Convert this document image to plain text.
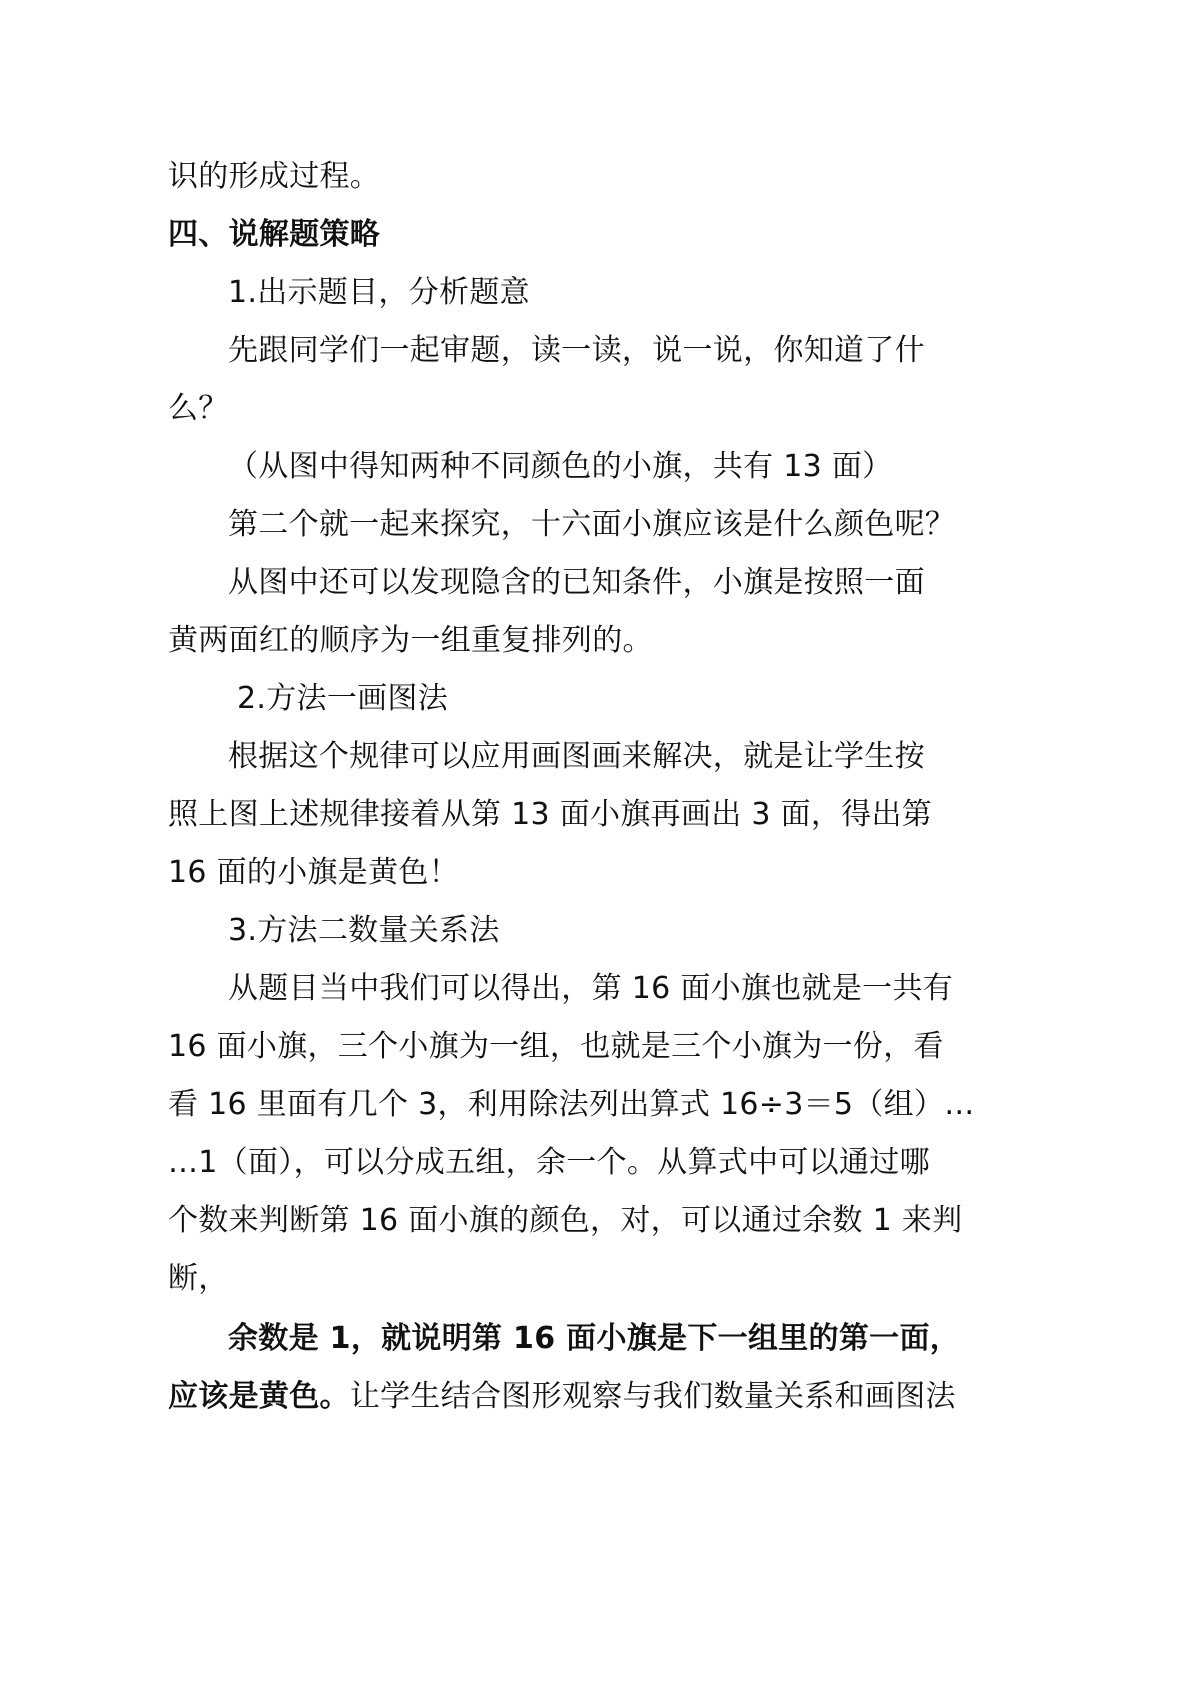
识的形成过程。
四、说解题策略
1.出示题目，分析题意
先跟同学们一起审题，读一读，说一说，你知道了什
么？
（从图中得知两种不同颜色的小旗，共有 13 面）
第二个就一起来探究，十六面小旗应该是什么颜色呢？
从图中还可以发现隐含的已知条件，小旗是按照一面
黄两面红的顺序为一组重复排列的。
2.方法一画图法
根据这个规律可以应用画图画来解决，就是让学生按
照上图上述规律接着从第 13 面小旗再画出 3 面，得出第
16 面的小旗是黄色！
3.方法二数量关系法
从题目当中我们可以得出，第 16 面小旗也就是一共有
16 面小旗，三个小旗为一组，也就是三个小旗为一份，看
看 16 里面有几个 3，利用除法列出算式 16÷3＝5（组）…
…1（面），可以分成五组，余一个。从算式中可以通过哪
个数来判断第 16 面小旗的颜色，对，可以通过余数 1 来判
断，
余数是 1，就说明第 16 面小旗是下一组里的第一面，
应该是黄色。让学生结合图形观察与我们数量关系和画图法
